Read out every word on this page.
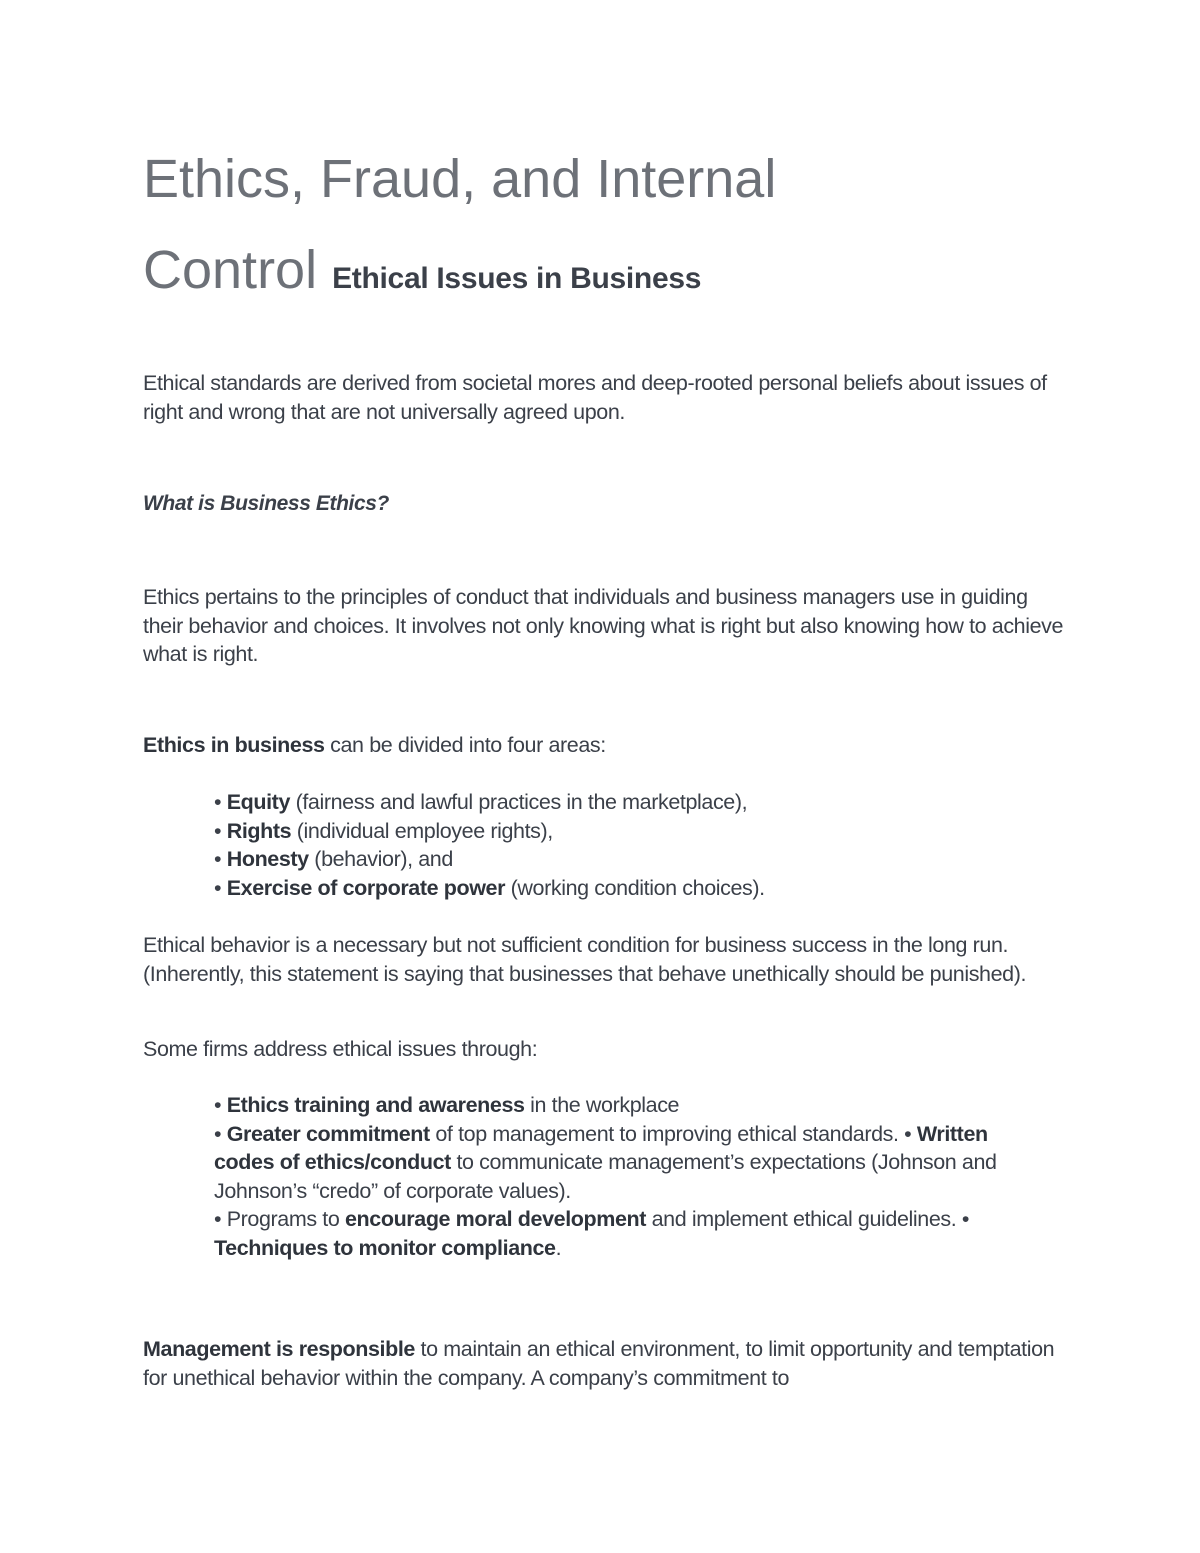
Ethics, Fraud, and Internal
Control Ethical Issues in Business

Ethical standards are derived from societal mores and deep-rooted personal beliefs about issues of right and wrong that are not universally agreed upon.

What is Business Ethics?

Ethics pertains to the principles of conduct that individuals and business managers use in guiding their behavior and choices. It involves not only knowing what is right but also knowing how to achieve what is right.

Ethics in business can be divided into four areas:

• Equity (fairness and lawful practices in the marketplace),
• Rights (individual employee rights),
• Honesty (behavior), and
• Exercise of corporate power (working condition choices).

Ethical behavior is a necessary but not sufficient condition for business success in the long run. (Inherently, this statement is saying that businesses that behave unethically should be punished).

Some firms address ethical issues through:

• Ethics training and awareness in the workplace
• Greater commitment of top management to improving ethical standards. • Written codes of ethics/conduct to communicate management’s expectations (Johnson and Johnson’s “credo” of corporate values).
• Programs to encourage moral development and implement ethical guidelines. • Techniques to monitor compliance.

Management is responsible to maintain an ethical environment, to limit opportunity and temptation for unethical behavior within the company. A company’s commitment to
